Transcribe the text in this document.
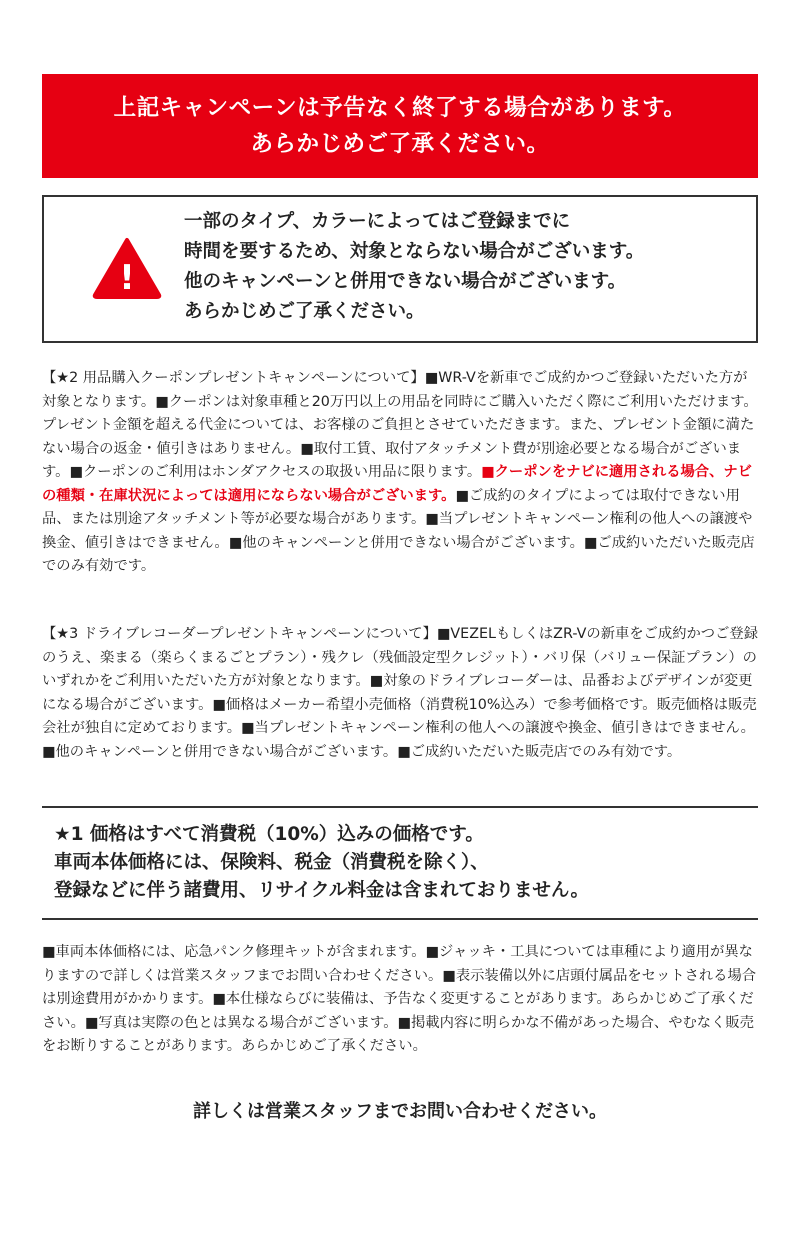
上記キャンペーンは予告なく終了する場合があります。
あらかじめご了承ください。
!
一部のタイプ、カラーによってはご登録までに
時間を要するため、対象とならない場合がございます。
他のキャンペーンと併用できない場合がございます。
あらかじめご了承ください。
【★2 用品購入クーポンプレゼントキャンペーンについて】■WR-Vを新車でご成約かつご登録いただいた方が対象となります。■クーポンは対象車種と20万円以上の用品を同時にご購入いただく際にご利用いただけます。プレゼント金額を超える代金については、お客様のご負担とさせていただきます。また、プレゼント金額に満たない場合の返金・値引きはありません。■取付工賃、取付アタッチメント費が別途必要となる場合がございます。■クーポンのご利用はホンダアクセスの取扱い用品に限ります。■クーポンをナビに適用される場合、ナビの種類・在庫状況によっては適用にならない場合がございます。■ご成約のタイプによっては取付できない用品、または別途アタッチメント等が必要な場合があります。■当プレゼントキャンペーン権利の他人への譲渡や換金、値引きはできません。■他のキャンペーンと併用できない場合がございます。■ご成約いただいた販売店でのみ有効です。
【★3 ドライブレコーダープレゼントキャンペーンについて】■VEZELもしくはZR-Vの新車をご成約かつご登録のうえ、楽まる（楽らくまるごとプラン）・残クレ（残価設定型クレジット）・バリ保（バリュー保証プラン）のいずれかをご利用いただいた方が対象となります。■対象のドライブレコーダーは、品番およびデザインが変更になる場合がございます。■価格はメーカー希望小売価格（消費税10%込み）で参考価格です。販売価格は販売会社が独自に定めております。■当プレゼントキャンペーン権利の他人への譲渡や換金、値引きはできません。■他のキャンペーンと併用できない場合がございます。■ご成約いただいた販売店でのみ有効です。
★1 価格はすべて消費税（10%）込みの価格です。
車両本体価格には、保険料、税金（消費税を除く）、
登録などに伴う諸費用、リサイクル料金は含まれておりません。
■車両本体価格には、応急パンク修理キットが含まれます。■ジャッキ・工具については車種により適用が異なりますので詳しくは営業スタッフまでお問い合わせください。■表示装備以外に店頭付属品をセットされる場合は別途費用がかかります。■本仕様ならびに装備は、予告なく変更することがあります。あらかじめご了承ください。■写真は実際の色とは異なる場合がございます。■掲載内容に明らかな不備があった場合、やむなく販売をお断りすることがあります。あらかじめご了承ください。
詳しくは営業スタッフまでお問い合わせください。
